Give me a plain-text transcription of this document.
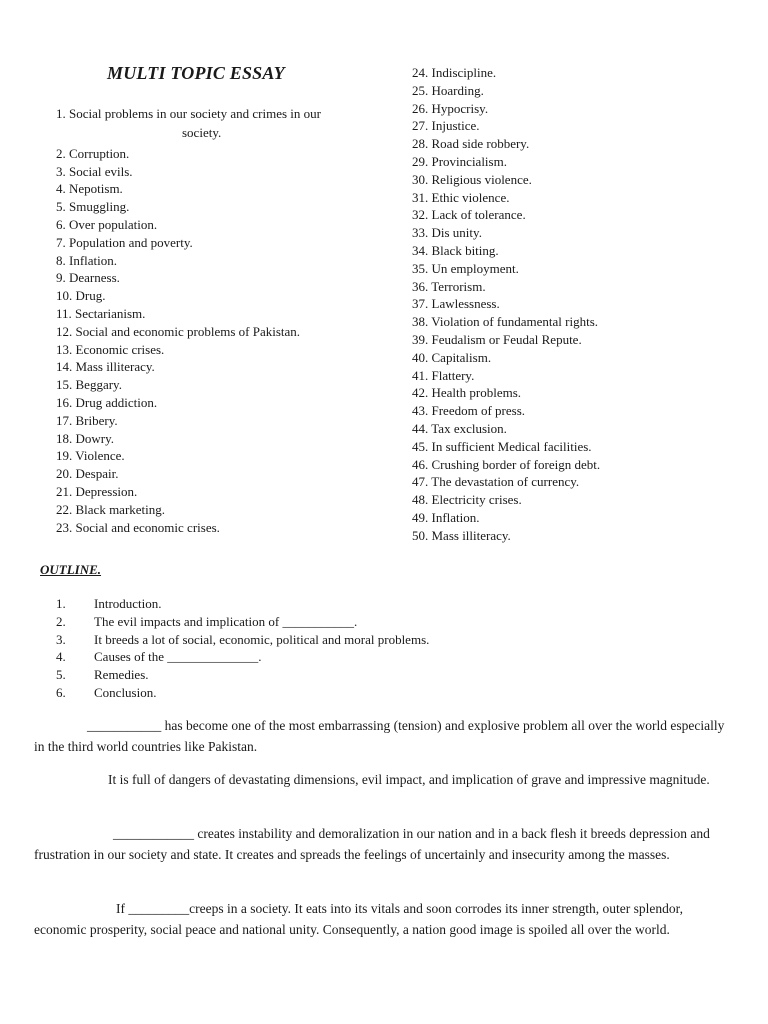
MULTI TOPIC ESSAY
1. Social problems in our society and crimes in our
society.
2. Corruption.
3. Social evils.
4. Nepotism.
5. Smuggling.
6. Over population.
7. Population and poverty.
8. Inflation.
9. Dearness.
10. Drug.
11. Sectarianism.
12. Social and economic problems of Pakistan.
13. Economic crises.
14. Mass illiteracy.
15. Beggary.
16. Drug addiction.
17. Bribery.
18. Dowry.
19. Violence.
20. Despair.
21. Depression.
22. Black marketing.
23. Social and economic crises.
24. Indiscipline.
25. Hoarding.
26. Hypocrisy.
27. Injustice.
28. Road side robbery.
29. Provincialism.
30. Religious violence.
31. Ethic violence.
32. Lack of tolerance.
33. Dis unity.
34. Black biting.
35. Un employment.
36. Terrorism.
37. Lawlessness.
38. Violation of fundamental rights.
39. Feudalism or Feudal Repute.
40. Capitalism.
41. Flattery.
42. Health problems.
43. Freedom of press.
44. Tax exclusion.
45. In sufficient Medical facilities.
46. Crushing border of foreign debt.
47. The devastation of currency.
48. Electricity crises.
49. Inflation.
50. Mass illiteracy.
OUTLINE.
1.	Introduction.
2.	The evil impacts and implication of ___________.
3.	It breeds a lot of social, economic, political and moral problems.
4.	Causes of the ______________.
5.	Remedies.
6.	Conclusion.

___________ has become one of the most embarrassing (tension) and explosive problem all over the world especially in the third world countries like Pakistan.

It is full of dangers of devastating dimensions, evil impact, and implication of grave and impressive magnitude.

____________ creates instability and demoralization in our nation and in a back flesh it breeds depression and frustration in our society and state. It creates and spreads the feelings of uncertainly and insecurity among the masses.

If _________creeps in a society. It eats into its vitals and soon corrodes its inner strength, outer splendor, economic prosperity, social peace and national unity. Consequently, a nation good image is spoiled all over the world.
